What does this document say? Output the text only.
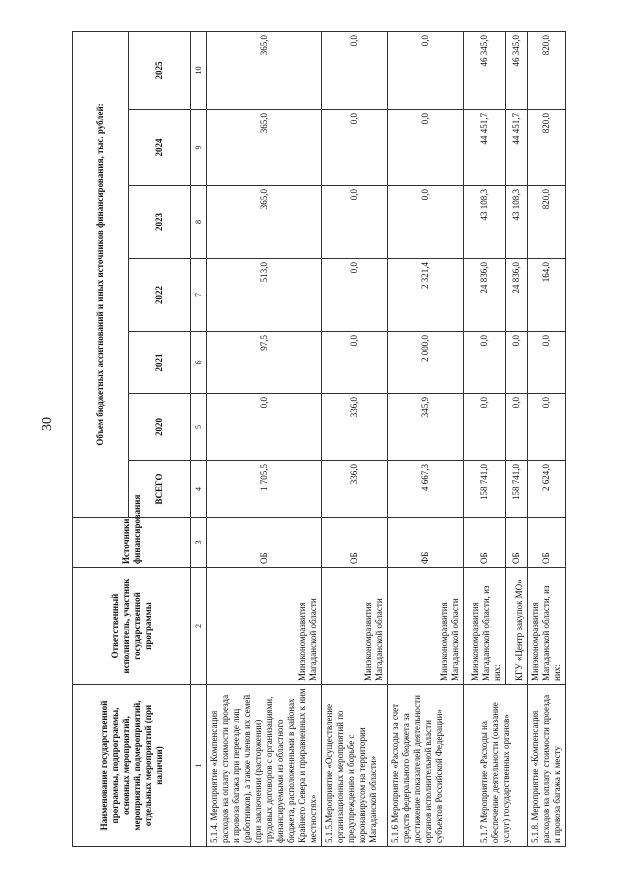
30
Наименование государственной программы, подпрограммы, основных мероприятий, мероприятий, подмероприятий, отдельных мероприятий (при наличии)	Ответственный исполнитель, участник государственной программы	Источники финансирования	Объем бюджетных ассигнований и иных источников финансирования, тыс. рублей:						
			ВСЕГО	2020	2021	2022	2023	2024	2025
1	2	3	4	5	6	7	8	9	10
5.1.4. Мероприятие «Компенсация расходов на оплату стоимости проезда и провоза багажа при переезде лиц (работников), а также членов их семей (при заключении (расторжении) трудовых договоров с организациями, финансируемыми из областного бюджета, расположенными в районах Крайнего Севера и приравненных к ним местностях»	Минэкономразвития Магаданской области	ОБ	1 705,5	0,0	97,5	513,0	365,0	365,0	365,0
5.1.5.Мероприятие «Осуществление организационных мероприятий по предупреждению и борьбе с коронавирусом на территории Магаданской области»	Минэкономразвития Магаданской области	ОБ	336,0	336,0	0,0	0,0	0,0	0,0	0,0
5.1.6 Мероприятие «Расходы за счет средств федерального бюджета за достижение показателей деятельности органов исполнительной власти субъектов Российской Федерации»	Минэкономразвития Магаданской области	ФБ	4 667,3	345,9	2 000,0	2 321,4	0,0	0,0	0,0
5.1.7 Мероприятие «Расходы на обеспечение деятельности (оказание услуг) государственных органов»	Минэкономразвития Магаданской области, из них:	ОБ	158 741,0	0,0	0,0	24 836,0	43 108,3	44 451,7	46 345,0
	КГУ «Центр закупок МО»	ОБ	158 741,0	0,0	0,0	24 836,0	43 108,3	44 451,7	46 345,0
5.1.8. Мероприятие «Компенсация расходов на оплату стоимости проезда и провоза багажа к месту	Минэкономразвития Магаданской области, из них:	ОБ	2 624,0	0,0	0,0	164,0	820,0	820,0	820,0
